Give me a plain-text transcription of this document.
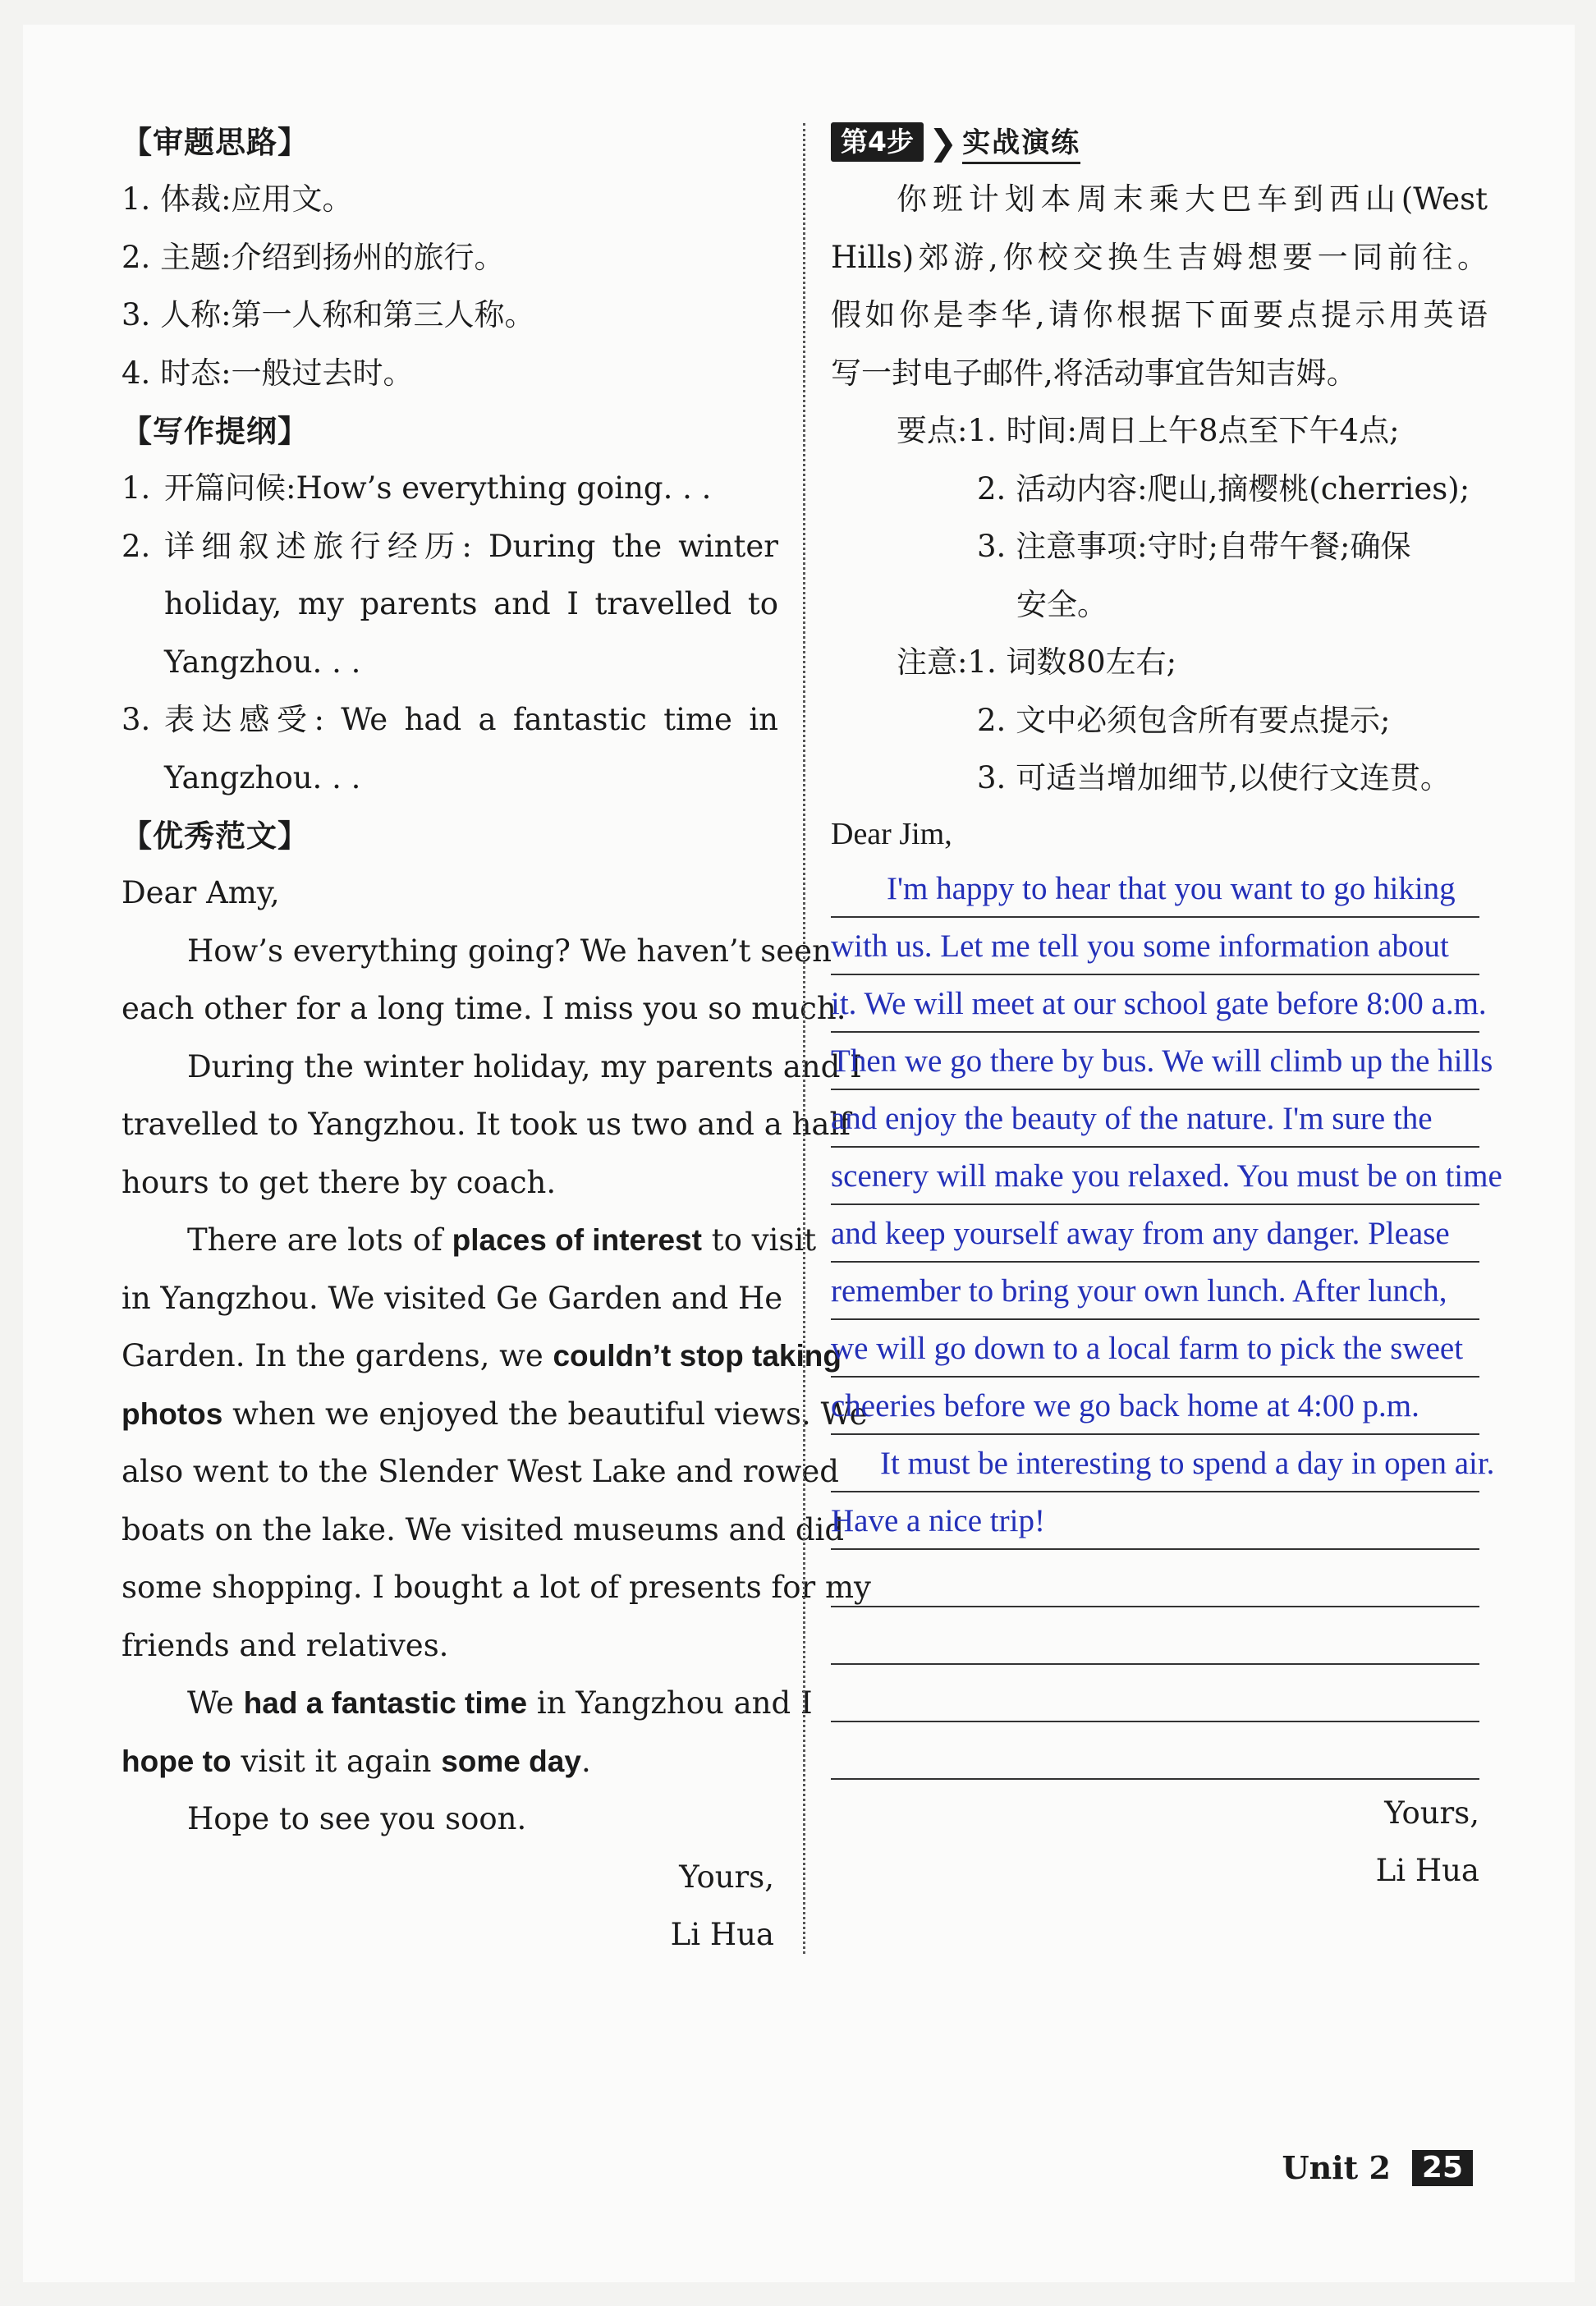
【审题思路】
1. 体裁:应用文。
2. 主题:介绍到扬州的旅行。
3. 人称:第一人称和第三人称。
4. 时态:一般过去时。
【写作提纲】
1. 开篇问候:How’s everything going. . .
2. 详细叙述旅行经历: During the winter
holiday, my parents and I travelled to
Yangzhou. . .
3. 表达感受: We had a fantastic time in
Yangzhou. . .
【优秀范文】
Dear Amy,
How’s everything going? We haven’t seen
each other for a long time. I miss you so much.
During the winter holiday, my parents and I
travelled to Yangzhou. It took us two and a half
hours to get there by coach.
There are lots of places of interest to visit
in Yangzhou. We visited Ge Garden and He
Garden. In the gardens, we couldn’t stop taking
photos when we enjoyed the beautiful views. We
also went to the Slender West Lake and rowed
boats on the lake. We visited museums and did
some shopping. I bought a lot of presents for my
friends and relatives.
We had a fantastic time in Yangzhou and I
hope to visit it again some day.
Hope to see you soon.
Yours,
Li Hua
第4步 ❯ 实战演练
你班计划本周末乘大巴车到西山(West
Hills)郊游,你校交换生吉姆想要一同前往。
假如你是李华,请你根据下面要点提示用英语
写一封电子邮件,将活动事宜告知吉姆。
要点:1. 时间:周日上午8点至下午4点;
2. 活动内容:爬山,摘樱桃(cherries);
3. 注意事项:守时;自带午餐;确保
安全。
注意:1. 词数80左右;
2. 文中必须包含所有要点提示;
3. 可适当增加细节,以使行文连贯。
Dear Jim,
I'm happy to hear that you want to go hiking
with us. Let me tell you some information about
it. We will meet at our school gate before 8:00 a.m.
Then we go there by bus. We will climb up the hills
and enjoy the beauty of the nature. I'm sure the
scenery will make you relaxed. You must be on time
and keep yourself away from any danger. Please
remember to bring your own lunch. After lunch,
we will go down to a local farm to pick the sweet
cheeries before we go back home at 4:00 p.m.
It must be interesting to spend a day in open air.
Have a nice trip!
Yours,
Li Hua
Unit 2	25
